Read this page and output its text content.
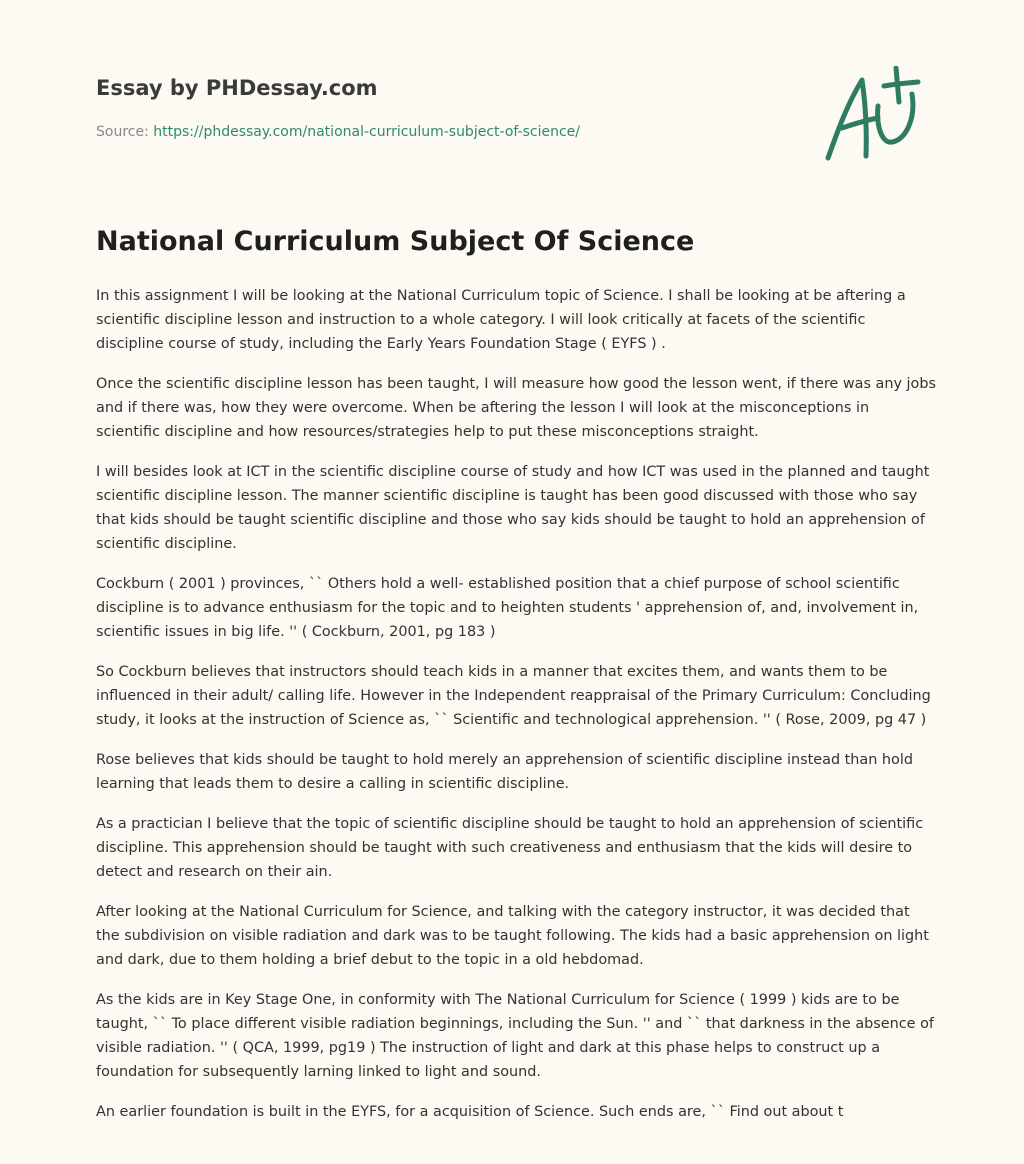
Essay by PHDessay.com
Source: https://phdessay.com/national-curriculum-subject-of-science/
National Curriculum Subject Of Science

In this assignment I will be looking at the National Curriculum topic of Science. I shall be looking at be aftering a scientific discipline lesson and instruction to a whole category. I will look critically at facets of the scientific discipline course of study, including the Early Years Foundation Stage ( EYFS ) .

Once the scientific discipline lesson has been taught, I will measure how good the lesson went, if there was any jobs and if there was, how they were overcome. When be aftering the lesson I will look at the misconceptions in scientific discipline and how resources/strategies help to put these misconceptions straight.

I will besides look at ICT in the scientific discipline course of study and how ICT was used in the planned and taught scientific discipline lesson. The manner scientific discipline is taught has been good discussed with those who say that kids should be taught scientific discipline and those who say kids should be taught to hold an apprehension of scientific discipline.

Cockburn ( 2001 ) provinces, `` Others hold a well- established position that a chief purpose of school scientific discipline is to advance enthusiasm for the topic and to heighten students ' apprehension of, and, involvement in, scientific issues in big life. '' ( Cockburn, 2001, pg 183 )

So Cockburn believes that instructors should teach kids in a manner that excites them, and wants them to be influenced in their adult/ calling life. However in the Independent reappraisal of the Primary Curriculum: Concluding study, it looks at the instruction of Science as, `` Scientific and technological apprehension. '' ( Rose, 2009, pg 47 )

Rose believes that kids should be taught to hold merely an apprehension of scientific discipline instead than hold learning that leads them to desire a calling in scientific discipline.

As a practician I believe that the topic of scientific discipline should be taught to hold an apprehension of scientific discipline. This apprehension should be taught with such creativeness and enthusiasm that the kids will desire to detect and research on their ain.

After looking at the National Curriculum for Science, and talking with the category instructor, it was decided that the subdivision on visible radiation and dark was to be taught following. The kids had a basic apprehension on light and dark, due to them holding a brief debut to the topic in a old hebdomad.

As the kids are in Key Stage One, in conformity with The National Curriculum for Science ( 1999 ) kids are to be taught, `` To place different visible radiation beginnings, including the Sun. '' and `` that darkness in the absence of visible radiation. '' ( QCA, 1999, pg19 ) The instruction of light and dark at this phase helps to construct up a foundation for subsequently larning linked to light and sound.

An earlier foundation is built in the EYFS, for a acquisition of Science. Such ends are, `` Find out about t
